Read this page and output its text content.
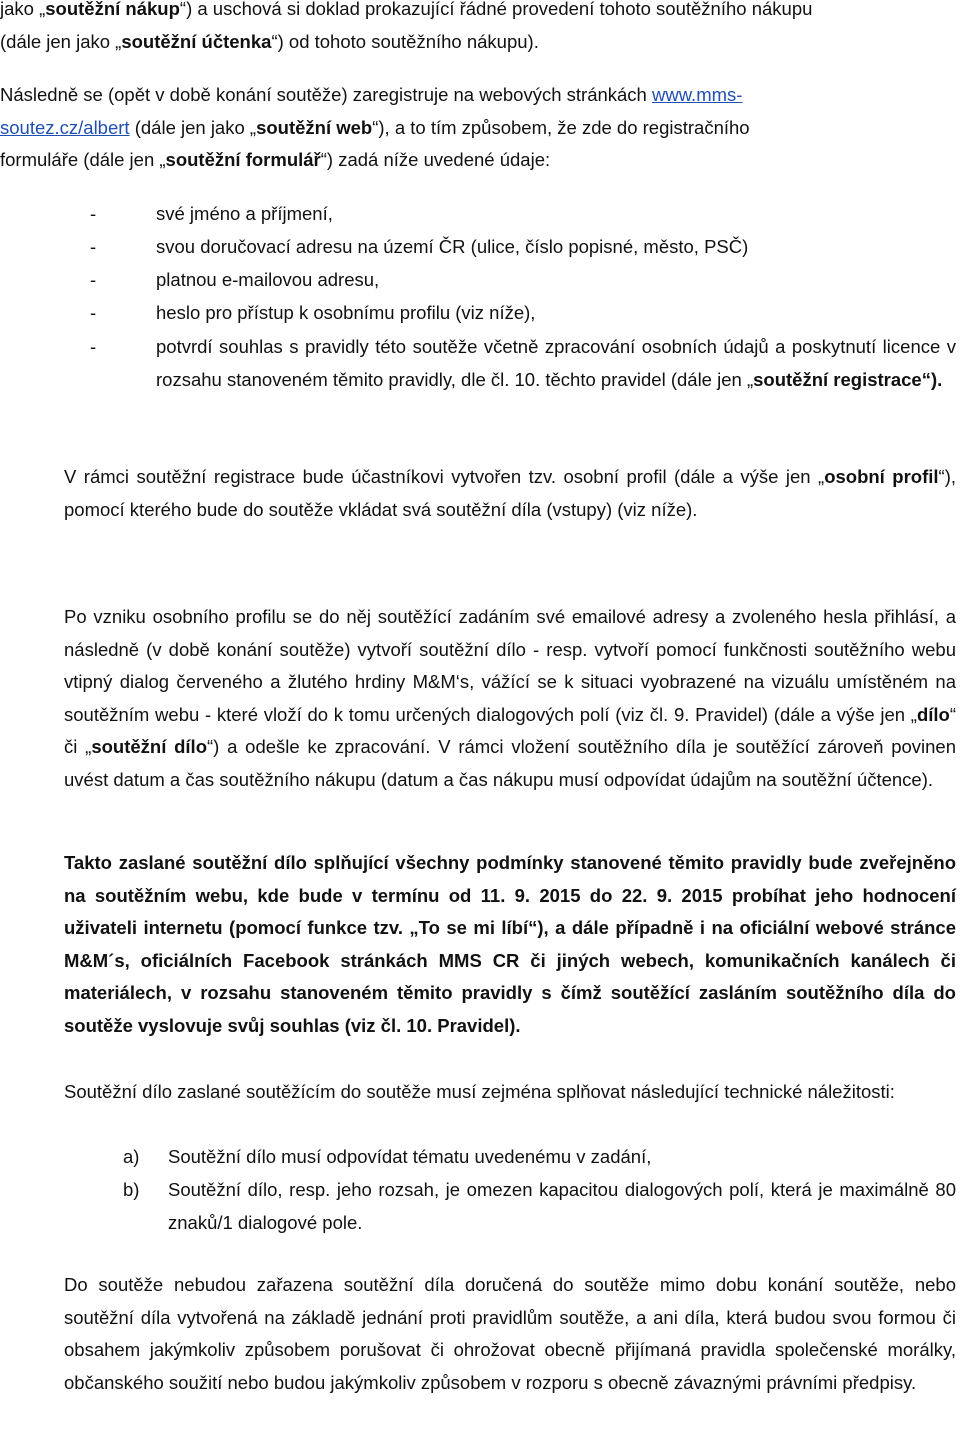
jako „soutěžní nákup“) a uschová si doklad prokazující řádné provedení tohoto soutěžního nákupu
(dále jen jako „soutěžní účtenka“) od tohoto soutěžního nákupu).
Následně se (opět v době konání soutěže) zaregistruje na webových stránkách www.mms-
soutez.cz/albert (dále jen jako „soutěžní web“), a to tím způsobem, že zde do registračního
formuláře (dále jen „soutěžní formulář“) zadá níže uvedené údaje:
-	své jméno a příjmení,
-	svou doručovací adresu na území ČR (ulice, číslo popisné, město, PSČ)
-	platnou e-mailovou adresu,
-	heslo pro přístup k osobnímu profilu (viz níže),
-	potvrdí souhlas s pravidly této soutěže včetně zpracování osobních údajů a poskytnutí licence v rozsahu stanoveném těmito pravidly, dle čl. 10. těchto pravidel (dále jen „soutěžní registrace“).
V rámci soutěžní registrace bude účastníkovi vytvořen tzv. osobní profil (dále a výše jen „osobní profil“), pomocí kterého bude do soutěže vkládat svá soutěžní díla (vstupy) (viz níže).
Po vzniku osobního profilu se do něj soutěžící zadáním své emailové adresy a zvoleného hesla přihlásí, a následně (v době konání soutěže) vytvoří soutěžní dílo - resp. vytvoří pomocí funkčnosti soutěžního webu vtipný dialog červeného a žlutého hrdiny M&M‘s, vážící se k situaci vyobrazené na vizuálu umístěném na soutěžním webu - které vloží do k tomu určených dialogových polí (viz čl. 9. Pravidel) (dále a výše jen „dílo“ či „soutěžní dílo“) a odešle ke zpracování. V rámci vložení soutěžního díla je soutěžící zároveň povinen uvést datum a čas soutěžního nákupu (datum a čas nákupu musí odpovídat údajům na soutěžní účtence).
Takto zaslané soutěžní dílo splňující všechny podmínky stanovené těmito pravidly bude zveřejněno na soutěžním webu, kde bude v termínu od 11. 9. 2015 do 22. 9. 2015 probíhat jeho hodnocení uživateli internetu (pomocí funkce tzv. „To se mi líbí“), a dále případně i na oficiální webové stránce M&M´s, oficiálních Facebook stránkách MMS CR či jiných webech, komunikačních kanálech či materiálech, v rozsahu stanoveném těmito pravidly s čímž soutěžící zasláním soutěžního díla do soutěže vyslovuje svůj souhlas (viz čl. 10. Pravidel).
Soutěžní dílo zaslané soutěžícím do soutěže musí zejména splňovat následující technické náležitosti:
a) Soutěžní dílo musí odpovídat tématu uvedenému v zadání,
b) Soutěžní dílo, resp. jeho rozsah, je omezen kapacitou dialogových polí, která je maximálně 80 znaků/1 dialogové pole.
Do soutěže nebudou zařazena soutěžní díla doručená do soutěže mimo dobu konání soutěže, nebo soutěžní díla vytvořená na základě jednání proti pravidlům soutěže, a ani díla, která budou svou formou či obsahem jakýmkoliv způsobem porušovat či ohrožovat obecně přijímaná pravidla společenské morálky, občanského soužití nebo budou jakýmkoliv způsobem v rozporu s obecně závaznými právními předpisy.
